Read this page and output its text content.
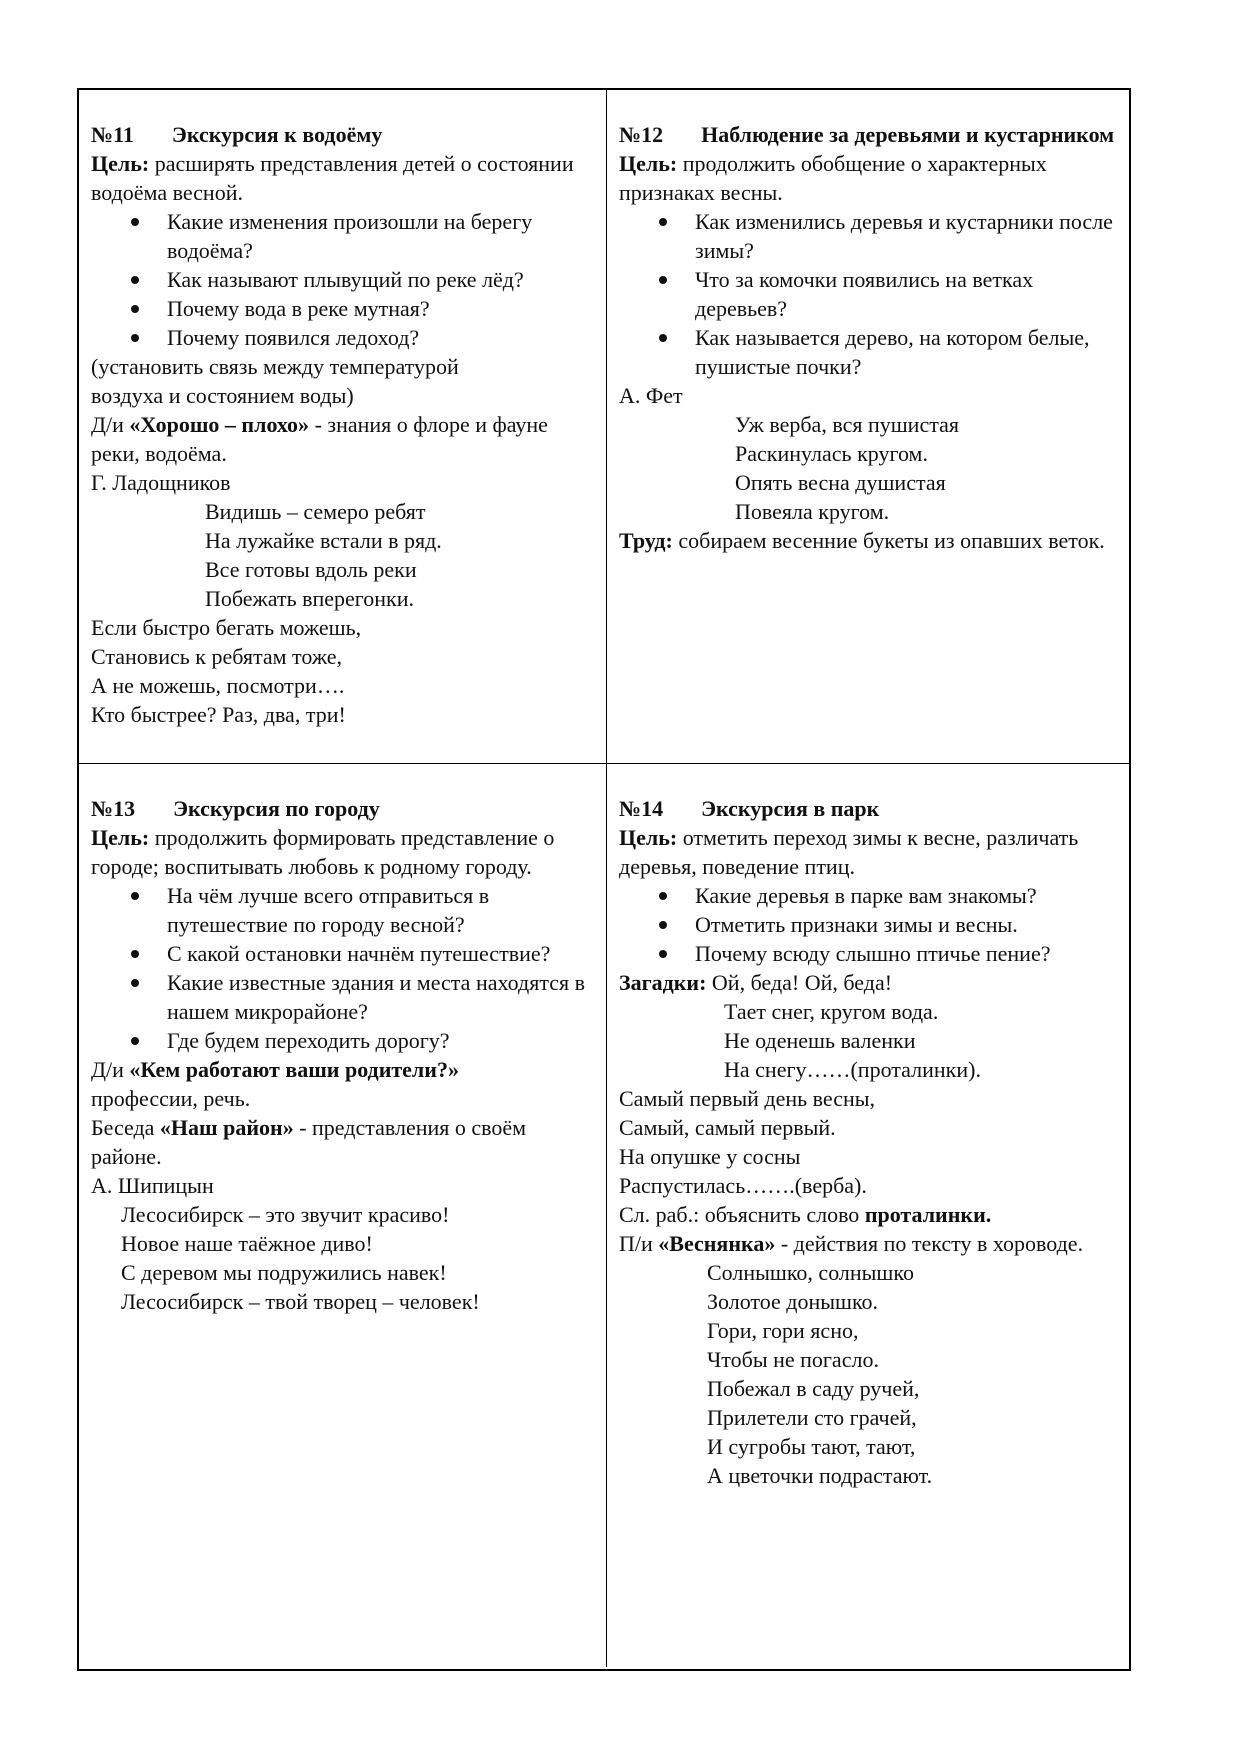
№11 Экскурсия к водоёму

Цель: расширять представления детей о состоянии водоёма весной.

Какие изменения произошли на берегу водоёма?
Как называют плывущий по реке лёд?
Почему вода в реке мутная?
Почему появился ледоход?

(установить связь между температурой воздуха и состоянием воды)

Д/и «Хорошо – плохо» - знания о флоре и фауне реки, водоёма.

Г. Ладощников

Видишь – семеро ребят

На лужайке встали в ряд.

Все готовы вдоль реки

Побежать вперегонки.

Если быстро бегать можешь,

Становись к ребятам тоже,

А не можешь, посмотри….

Кто быстрее? Раз, два, три!

№12 Наблюдение за деревьями и кустарником

Цель: продолжить обобщение о характерных признаках весны.

Как изменились деревья и кустарники после зимы?
Что за комочки появились на ветках деревьев?
Как называется дерево, на котором белые, пушистые почки?

А. Фет

Уж верба, вся пушистая

Раскинулась кругом.

Опять весна душистая

Повеяла кругом.

Труд: собираем весенние букеты из опавших веток.

№13 Экскурсия по городу

Цель: продолжить формировать представление о городе; воспитывать любовь к родному городу.

На чём лучше всего отправиться в путешествие по городу весной?
С какой остановки начнём путешествие?
Какие известные здания и места находятся в нашем микрорайоне?
Где будем переходить дорогу?

Д/и «Кем работают ваши родители?»
профессии, речь.

Беседа «Наш район» - представления о своём районе.

А. Шипицын

Лесосибирск – это звучит красиво!

Новое наше таёжное диво!

С деревом мы подружились навек!

Лесосибирск – твой творец – человек!

№14 Экскурсия в парк

Цель: отметить переход зимы к весне, различать деревья, поведение птиц.

Какие деревья в парке вам знакомы?
Отметить признаки зимы и весны.
Почему всюду слышно птичье пение?

Загадки: Ой, беда! Ой, беда!

Тает снег, кругом вода.

Не оденешь валенки

На снегу……(проталинки).

Самый первый день весны,

Самый, самый первый.

На опушке у сосны

Распустилась…….(верба).

Сл. раб.: объяснить слово проталинки.

П/и «Веснянка» - действия по тексту в хороводе.

Солнышко, солнышко

Золотое донышко.

Гори, гори ясно,

Чтобы не погасло.

Побежал в саду ручей,

Прилетели сто грачей,

И сугробы тают, тают,

А цветочки подрастают.
